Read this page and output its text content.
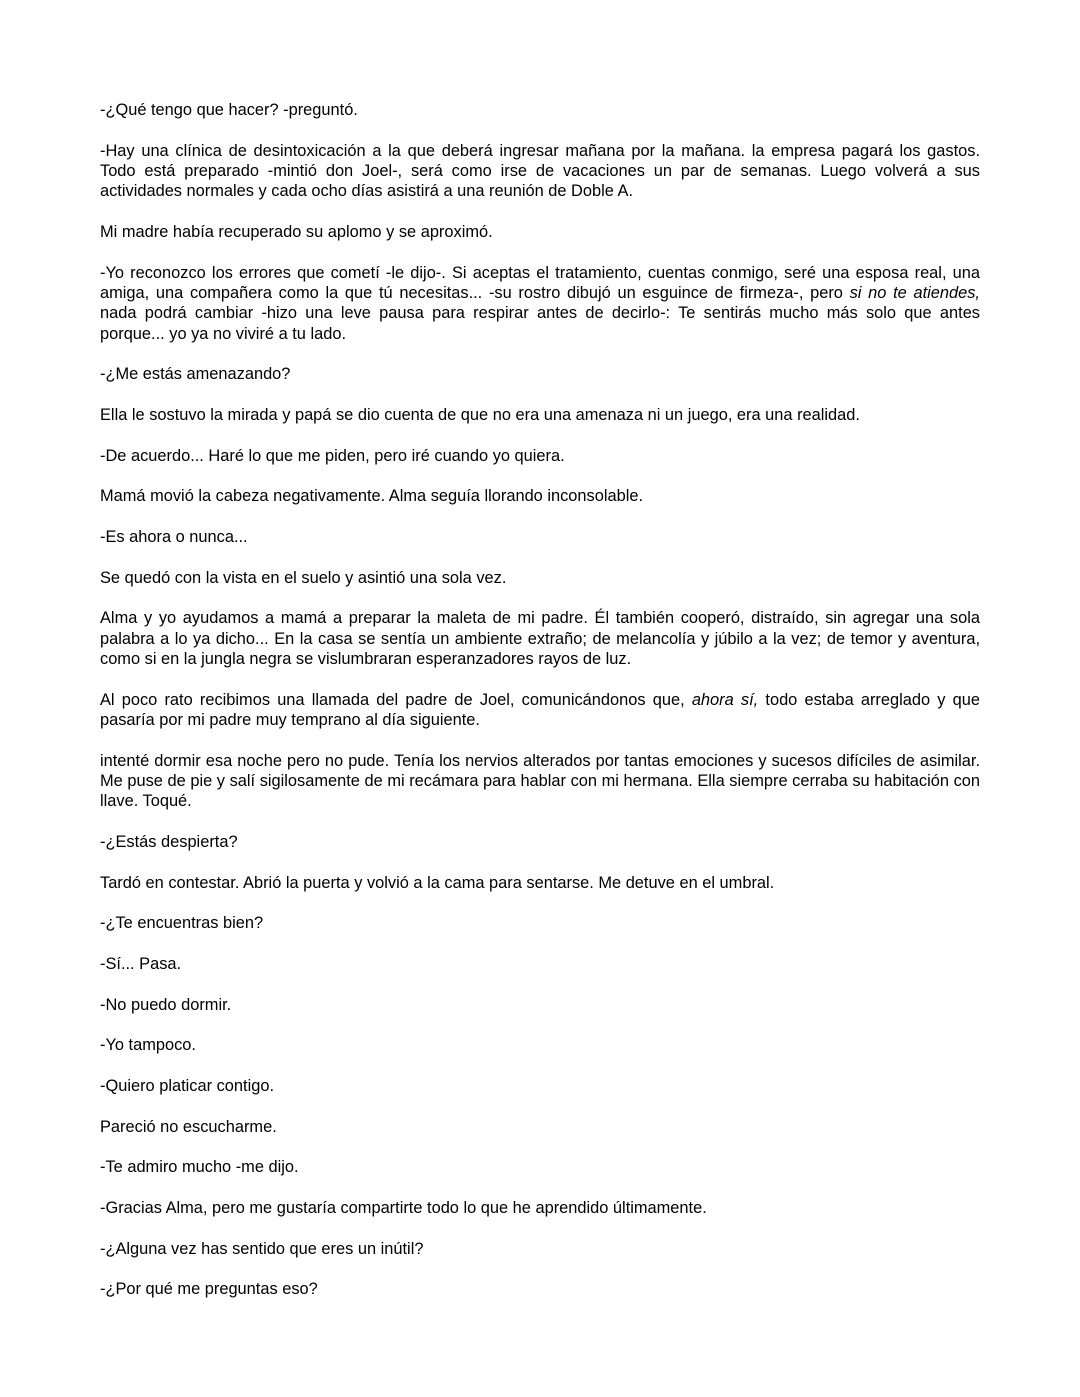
-¿Qué tengo que hacer? -preguntó.

-Hay una clínica de desintoxicación a la que deberá ingresar mañana por la mañana. la empresa pagará los gastos. Todo está preparado -mintió don Joel-, será como irse de vacaciones un par de semanas. Luego volverá a sus actividades normales y cada ocho días asistirá a una reunión de Doble A.

Mi madre había recuperado su aplomo y se aproximó.

-Yo reconozco los errores que cometí -le dijo-. Si aceptas el tratamiento, cuentas conmigo, seré una esposa real, una amiga, una compañera como la que tú necesitas... -su rostro dibujó un esguince de firmeza-, pero si no te atiendes, nada podrá cambiar -hizo una leve pausa para respirar antes de decirlo-: Te sentirás mucho más solo que antes porque... yo ya no viviré a tu lado.

-¿Me estás amenazando?

Ella le sostuvo la mirada y papá se dio cuenta de que no era una amenaza ni un juego, era una realidad.

-De acuerdo... Haré lo que me piden, pero iré cuando yo quiera.

Mamá movió la cabeza negativamente. Alma seguía llorando inconsolable.

-Es ahora o nunca...

Se quedó con la vista en el suelo y asintió una sola vez.

Alma y yo ayudamos a mamá a preparar la maleta de mi padre. Él también cooperó, distraído, sin agregar una sola palabra a lo ya dicho... En la casa se sentía un ambiente extraño; de melancolía y júbilo a la vez; de temor y aventura, como si en la jungla negra se vislumbraran esperanzadores rayos de luz.

Al poco rato recibimos una llamada del padre de Joel, comunicándonos que, ahora sí, todo estaba arreglado y que pasaría por mi padre muy temprano al día siguiente.

intenté dormir esa noche pero no pude. Tenía los nervios alterados por tantas emociones y sucesos difíciles de asimilar. Me puse de pie y salí sigilosamente de mi recámara para hablar con mi hermana. Ella siempre cerraba su habitación con llave. Toqué.

-¿Estás despierta?

Tardó en contestar. Abrió la puerta y volvió a la cama para sentarse. Me detuve en el umbral.

-¿Te encuentras bien?

-Sí... Pasa.

-No puedo dormir.

-Yo tampoco.

-Quiero platicar contigo.

Pareció no escucharme.

-Te admiro mucho -me dijo.

-Gracias Alma, pero me gustaría compartirte todo lo que he aprendido últimamente.

-¿Alguna vez has sentido que eres un inútil?

-¿Por qué me preguntas eso?
